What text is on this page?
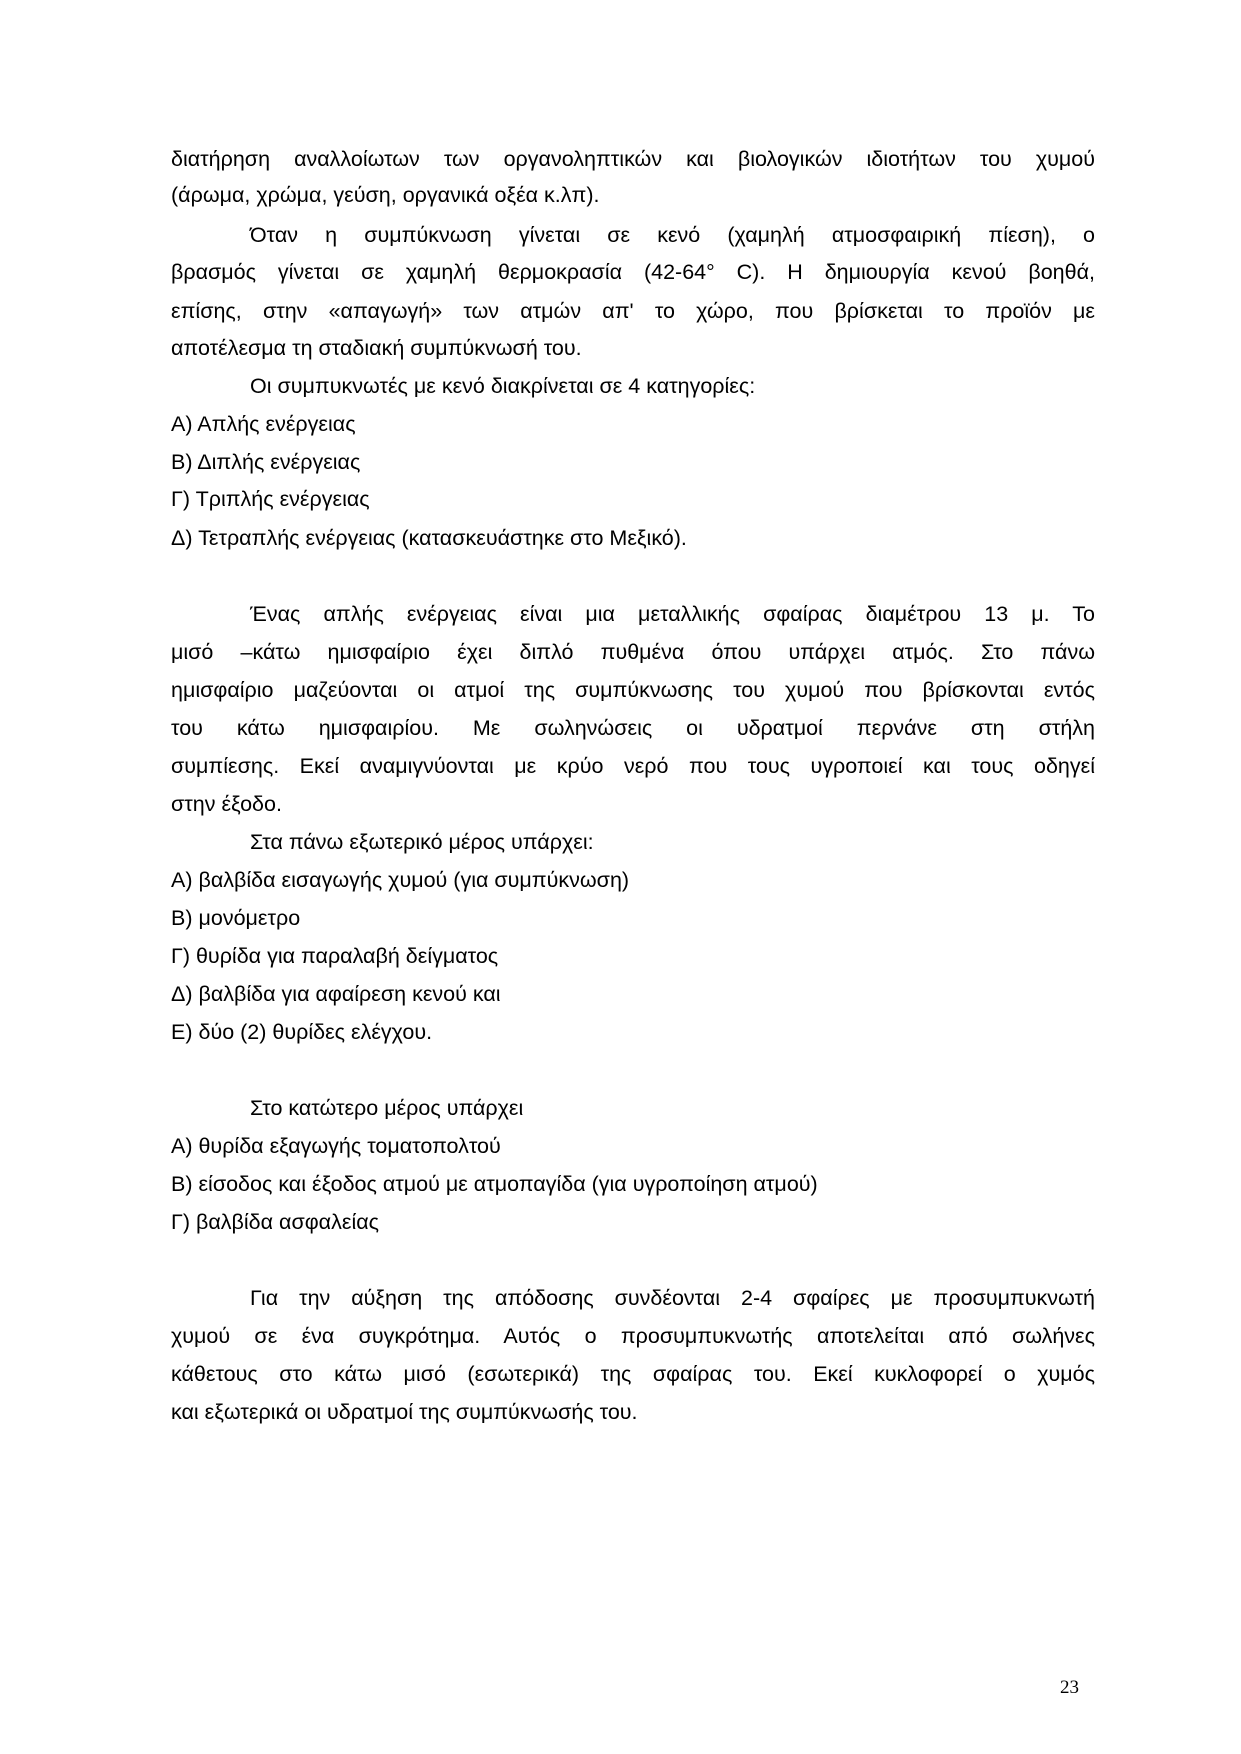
διατήρηση αναλλοίωτων των οργανοληπτικών και βιολογικών ιδιοτήτων του χυμού
(άρωμα, χρώμα, γεύση, οργανικά οξέα κ.λπ).
Όταν η συμπύκνωση γίνεται σε κενό (χαμηλή ατμοσφαιρική πίεση), ο
βρασμός γίνεται σε χαμηλή θερμοκρασία (42-64° C). Η δημιουργία κενού βοηθά,
επίσης, στην «απαγωγή» των ατμών απ' το χώρο, που βρίσκεται το προϊόν με
αποτέλεσμα τη σταδιακή συμπύκνωσή του.
Οι συμπυκνωτές με κενό διακρίνεται σε 4 κατηγορίες:
Α) Απλής ενέργειας
Β) Διπλής ενέργειας
Γ) Τριπλής ενέργειας
Δ) Τετραπλής ενέργειας (κατασκευάστηκε στο Μεξικό).
Ένας απλής ενέργειας είναι μια μεταλλικής σφαίρας διαμέτρου 13 μ. Το
μισό –κάτω ημισφαίριο έχει διπλό πυθμένα όπου υπάρχει ατμός. Στο πάνω
ημισφαίριο μαζεύονται οι ατμοί της συμπύκνωσης του χυμού που βρίσκονται εντός
του κάτω ημισφαιρίου. Με σωληνώσεις οι υδρατμοί περνάνε στη στήλη
συμπίεσης. Εκεί αναμιγνύονται με κρύο νερό που τους υγροποιεί και τους οδηγεί
στην έξοδο.
Στα πάνω εξωτερικό μέρος υπάρχει:
Α) βαλβίδα εισαγωγής χυμού (για συμπύκνωση)
Β) μονόμετρο
Γ) θυρίδα για παραλαβή δείγματος
Δ) βαλβίδα για αφαίρεση κενού και
Ε) δύο (2) θυρίδες ελέγχου.
Στο κατώτερο μέρος υπάρχει
Α) θυρίδα εξαγωγής τοματοπολτού
Β) είσοδος και έξοδος ατμού με ατμοπαγίδα (για υγροποίηση ατμού)
Γ) βαλβίδα ασφαλείας
Για την αύξηση της απόδοσης συνδέονται 2-4 σφαίρες με προσυμπυκνωτή
χυμού σε ένα συγκρότημα. Αυτός ο προσυμπυκνωτής αποτελείται από σωλήνες
κάθετους στο κάτω μισό (εσωτερικά) της σφαίρας του. Εκεί κυκλοφορεί ο χυμός
και εξωτερικά οι υδρατμοί της συμπύκνωσής του.
23
